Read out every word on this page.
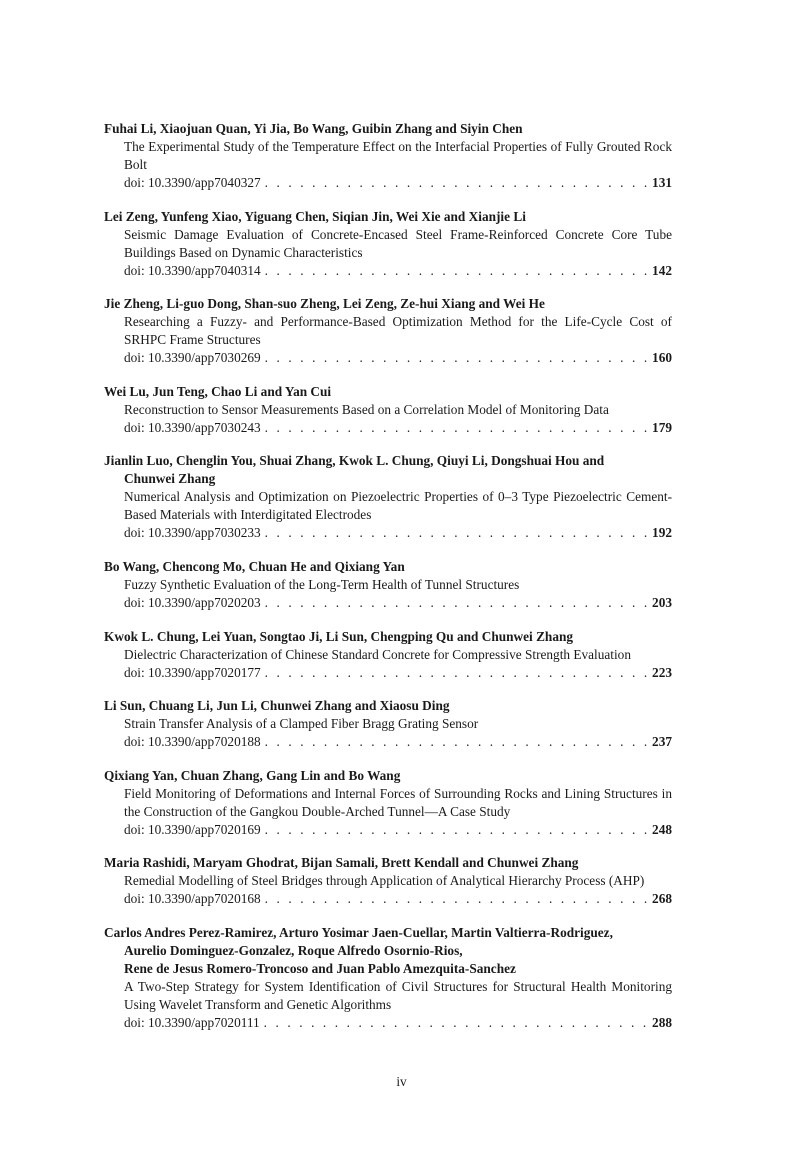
Fuhai Li, Xiaojuan Quan, Yi Jia, Bo Wang, Guibin Zhang and Siyin Chen
The Experimental Study of the Temperature Effect on the Interfacial Properties of Fully Grouted Rock Bolt
doi: 10.3390/app7040327 . . .	131
Lei Zeng, Yunfeng Xiao, Yiguang Chen, Siqian Jin, Wei Xie and Xianjie Li
Seismic Damage Evaluation of Concrete-Encased Steel Frame-Reinforced Concrete Core Tube Buildings Based on Dynamic Characteristics
doi: 10.3390/app7040314 . . .	142
Jie Zheng, Li-guo Dong, Shan-suo Zheng, Lei Zeng, Ze-hui Xiang and Wei He
Researching a Fuzzy- and Performance-Based Optimization Method for the Life-Cycle Cost of SRHPC Frame Structures
doi: 10.3390/app7030269 . . .	160
Wei Lu, Jun Teng, Chao Li and Yan Cui
Reconstruction to Sensor Measurements Based on a Correlation Model of Monitoring Data
doi: 10.3390/app7030243 . . .	179
Jianlin Luo, Chenglin You, Shuai Zhang, Kwok L. Chung, Qiuyi Li, Dongshuai Hou and
Chunwei Zhang
Numerical Analysis and Optimization on Piezoelectric Properties of 0–3 Type Piezoelectric Cement-Based Materials with Interdigitated Electrodes
doi: 10.3390/app7030233 . . .	192
Bo Wang, Chencong Mo, Chuan He and Qixiang Yan
Fuzzy Synthetic Evaluation of the Long-Term Health of Tunnel Structures
doi: 10.3390/app7020203 . . .	203
Kwok L. Chung, Lei Yuan, Songtao Ji, Li Sun, Chengping Qu and Chunwei Zhang
Dielectric Characterization of Chinese Standard Concrete for Compressive Strength Evaluation
doi: 10.3390/app7020177 . . .	223
Li Sun, Chuang Li, Jun Li, Chunwei Zhang and Xiaosu Ding
Strain Transfer Analysis of a Clamped Fiber Bragg Grating Sensor
doi: 10.3390/app7020188 . . .	237
Qixiang Yan, Chuan Zhang, Gang Lin and Bo Wang
Field Monitoring of Deformations and Internal Forces of Surrounding Rocks and Lining Structures in the Construction of the Gangkou Double-Arched Tunnel—A Case Study
doi: 10.3390/app7020169 . . .	248
Maria Rashidi, Maryam Ghodrat, Bijan Samali, Brett Kendall and Chunwei Zhang
Remedial Modelling of Steel Bridges through Application of Analytical Hierarchy Process (AHP)
doi: 10.3390/app7020168 . . .	268
Carlos Andres Perez-Ramirez, Arturo Yosimar Jaen-Cuellar, Martin Valtierra-Rodriguez,
Aurelio Dominguez-Gonzalez, Roque Alfredo Osornio-Rios,
Rene de Jesus Romero-Troncoso and Juan Pablo Amezquita-Sanchez
A Two-Step Strategy for System Identification of Civil Structures for Structural Health Monitoring Using Wavelet Transform and Genetic Algorithms
doi: 10.3390/app7020111 . . .	288
iv
